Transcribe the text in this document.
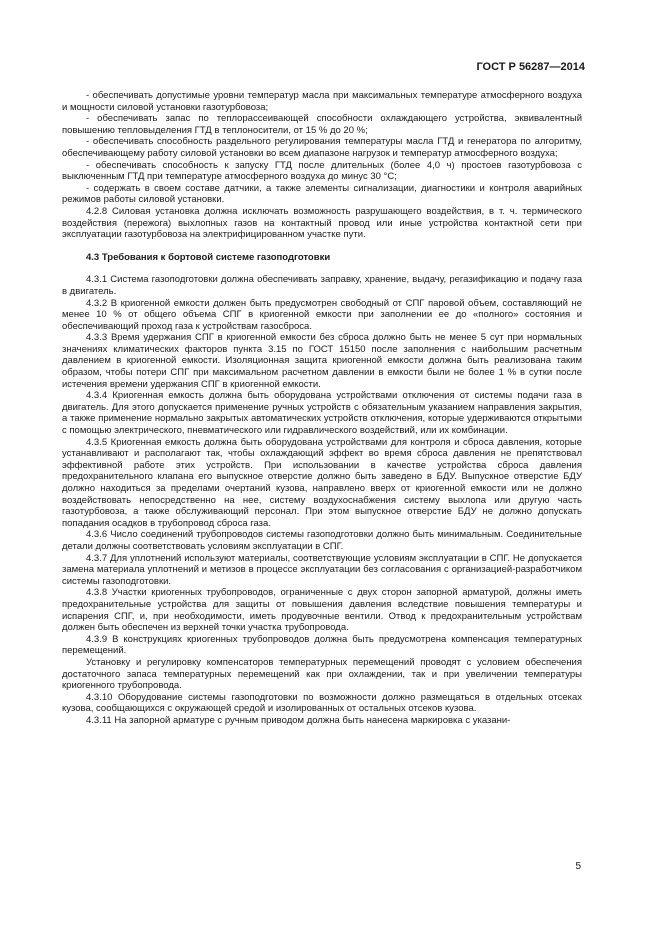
ГОСТ Р 56287—2014

- обеспечивать допустимые уровни температур масла при максимальных температуре атмосферного воздуха и мощности силовой установки газотурбовоза;

- обеспечивать запас по теплорассеивающей способности охлаждающего устройства, эквивалентный повышению тепловыделения ГТД в теплоносители, от 15 % до 20 %;

- обеспечивать способность раздельного регулирования температуры масла ГТД и генератора по алгоритму, обеспечивающему работу силовой установки во всем диапазоне нагрузок и температур атмосферного воздуха;

- обеспечивать способность к запуску ГТД после длительных (более 4,0 ч) простоев газотурбовоза с выключенным ГТД при температуре атмосферного воздуха до минус 30 °С;

- содержать в своем составе датчики, а также элементы сигнализации, диагностики и контроля аварийных режимов работы силовой установки.

4.2.8 Силовая установка должна исключать возможность разрушающего воздействия, в т. ч. термического воздействия (пережога) выхлопных газов на контактный провод или иные устройства контактной сети при эксплуатации газотурбовоза на электрифицированном участке пути.

4.3 Требования к бортовой системе газоподготовки

4.3.1 Система газоподготовки должна обеспечивать заправку, хранение, выдачу, регазификацию и подачу газа в двигатель.

4.3.2 В криогенной емкости должен быть предусмотрен свободный от СПГ паровой объем, составляющий не менее 10 % от общего объема СПГ в криогенной емкости при заполнении ее до «полного» состояния и обеспечивающий проход газа к устройствам газосброса.

4.3.3 Время удержания СПГ в криогенной емкости без сброса должно быть не менее 5 сут при нормальных значениях климатических факторов пункта 3.15 по ГОСТ 15150 после заполнения с наибольшим расчетным давлением в криогенной емкости. Изоляционная защита криогенной емкости должна быть реализована таким образом, чтобы потери СПГ при максимальном расчетном давлении в емкости были не более 1 % в сутки после истечения времени удержания СПГ в криогенной емкости.

4.3.4 Криогенная емкость должна быть оборудована устройствами отключения от системы подачи газа в двигатель. Для этого допускается применение ручных устройств с обязательным указанием направления закрытия, а также применение нормально закрытых автоматических устройств отключения, которые удерживаются открытыми с помощью электрического, пневматического или гидравлического воздействий, или их комбинации.

4.3.5 Криогенная емкость должна быть оборудована устройствами для контроля и сброса давления, которые устанавливают и располагают так, чтобы охлаждающий эффект во время сброса давления не препятствовал эффективной работе этих устройств. При использовании в качестве устройства сброса давления предохранительного клапана его выпускное отверстие должно быть заведено в БДУ. Выпускное отверстие БДУ должно находиться за пределами очертаний кузова, направлено вверх от криогенной емкости или не должно воздействовать непосредственно на нее, систему воздухоснабжения систему выхлопа или другую часть газотурбовоза, а также обслуживающий персонал. При этом выпускное отверстие БДУ не должно допускать попадания осадков в трубопровод сброса газа.

4.3.6 Число соединений трубопроводов системы газоподготовки должно быть минимальным. Соединительные детали должны соответствовать условиям эксплуатации в СПГ.

4.3.7 Для уплотнений используют материалы, соответствующие условиям эксплуатации в СПГ. Не допускается замена материала уплотнений и метизов в процессе эксплуатации без согласования с организацией-разработчиком системы газоподготовки.

4.3.8 Участки криогенных трубопроводов, ограниченные с двух сторон запорной арматурой, должны иметь предохранительные устройства для защиты от повышения давления вследствие повышения температуры и испарения СПГ, и, при необходимости, иметь продувочные вентили. Отвод к предохранительным устройствам должен быть обеспечен из верхней точки участка трубопровода.

4.3.9 В конструкциях криогенных трубопроводов должна быть предусмотрена компенсация температурных перемещений.

Установку и регулировку компенсаторов температурных перемещений проводят с условием обеспечения достаточного запаса температурных перемещений как при охлаждении, так и при увеличении температуры криогенного трубопровода.

4.3.10 Оборудование системы газоподготовки по возможности должно размещаться в отдельных отсеках кузова, сообщающихся с окружающей средой и изолированных от остальных отсеков кузова.

4.3.11 На запорной арматуре с ручным приводом должна быть нанесена маркировка с указани-

5
